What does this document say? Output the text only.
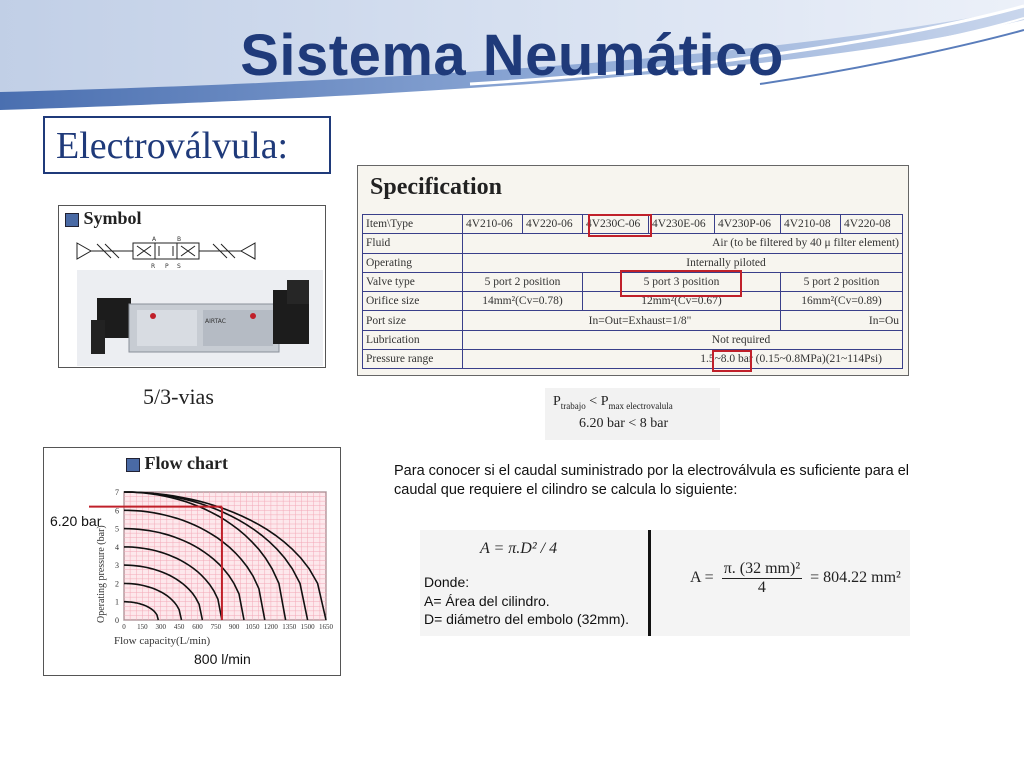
Sistema Neumático
Electroválvula:
Symbol
A	B
R P S
AIRTAC
5/3-vias
Specification
Item\Type	4V210-06	4V220-06	4V230C-06	4V230E-06	4V230P-06	4V210-08	4V220-08
Fluid	Air (to be filtered by 40 μ filter element)						
Operating	Internally piloted						
Valve type	5 port 2 position		5 port 3 position			5 port 2 position	
Orifice size	14mm²(Cv=0.78)		12mm²(Cv=0.67)			16mm²(Cv=0.89)	
Port size	In=Out=Exhaust=1/8"					In=Ou	
Lubrication	Not required						
Pressure range	1.5~8.0 bar (0.15~0.8MPa)(21~114Psi)						
$P_{trabajo} < P_{max electrovalula}$
6.20 bar < 8 bar
Flow chart
0 150 300 450 600 750 900 1050 1200 1350 1500 1650
0
1
2
3
4
5
6
7
Operating pressure (bar)
Flow capacity(L/min)
6.20 bar
800 l/min
Para conocer si el caudal suministrado por la electroválvula es suficiente para el caudal que requiere el cilindro se calcula lo siguiente:
A = π.D² / 4
Donde:
A= Área del cilindro.
D= diámetro del embolo (32mm).
$A = \frac{\text{π. (32 mm)²}}{4} = 804.22$ mm²
